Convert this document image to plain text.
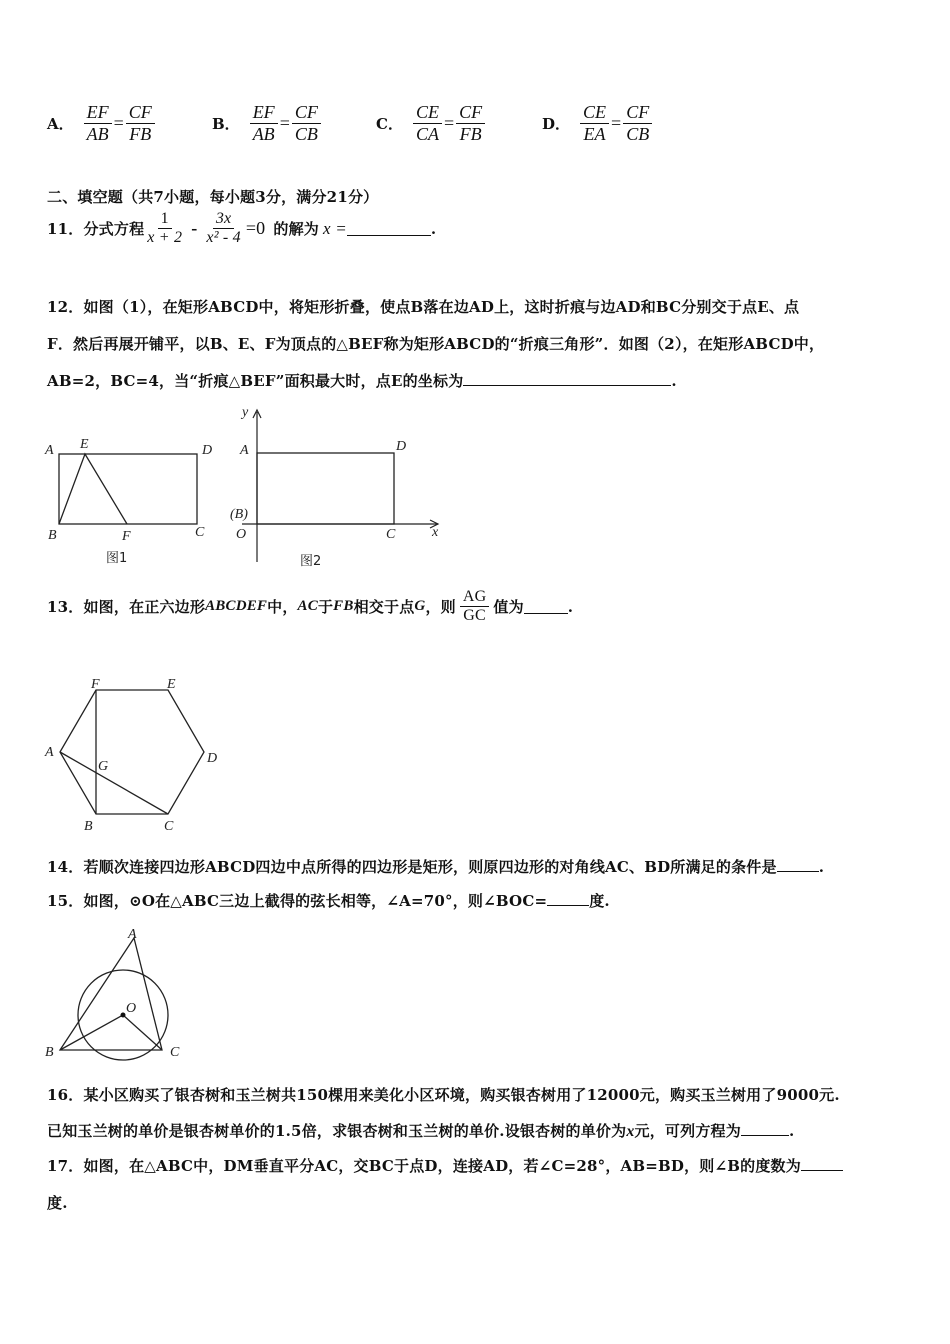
A． $\frac{EF}{AB} = \frac{CF}{FB}$	B． $\frac{EF}{AB} = \frac{CF}{CB}$	C． $\frac{CE}{CA} = \frac{CF}{FB}$	D． $\frac{CE}{EA} = \frac{CF}{CB}$
二、填空题（共7小题，每小题3分，满分21分）
11．分式方程 $\frac{1}{x + 2} - \frac{3x}{\text{x² - 4}} =0$ 的解为 x =	.
12．如图（1），在矩形ABCD中，将矩形折叠，使点B落在边AD上，这时折痕与边AD和BC分别交于点E、点
F．然后再展开铺平，以B、E、F为顶点的△BEF称为矩形ABCD的“折痕三角形”．如图（2），在矩形ABCD中，
AB=2，BC=4，当“折痕△BEF”面积最大时，点E的坐标为	.
A E	D
B	F	C
图1
y
A	D
(B)
O	C	x
图2
13．如图，在正六边形 ABCDEF 中， AC 于 FB 相交于点 G ，则 $\frac{AG}{GC}$ 值为	.
F	E
A	D
G
B	C
14．若顺次连接四边形ABCD四边中点所得的四边形是矩形，则原四边形的对角线AC、BD所满足的条件是	.
15．如图，⊙O在△ABC三边上截得的弦长相等，∠A=70°，则∠BOC=	度.
A
O
B	C
16．某小区购买了银杏树和玉兰树共150棵用来美化小区环境，购买银杏树用了12000元，购买玉兰树用了9000元.
已知玉兰树的单价是银杏树单价的1.5倍，求银杏树和玉兰树的单价.设银杏树的单价为x元，可列方程为	.
17．如图，在△ABC中，DM垂直平分AC，交BC于点D，连接AD，若∠C=28°，AB=BD，则∠B的度数为
度.
